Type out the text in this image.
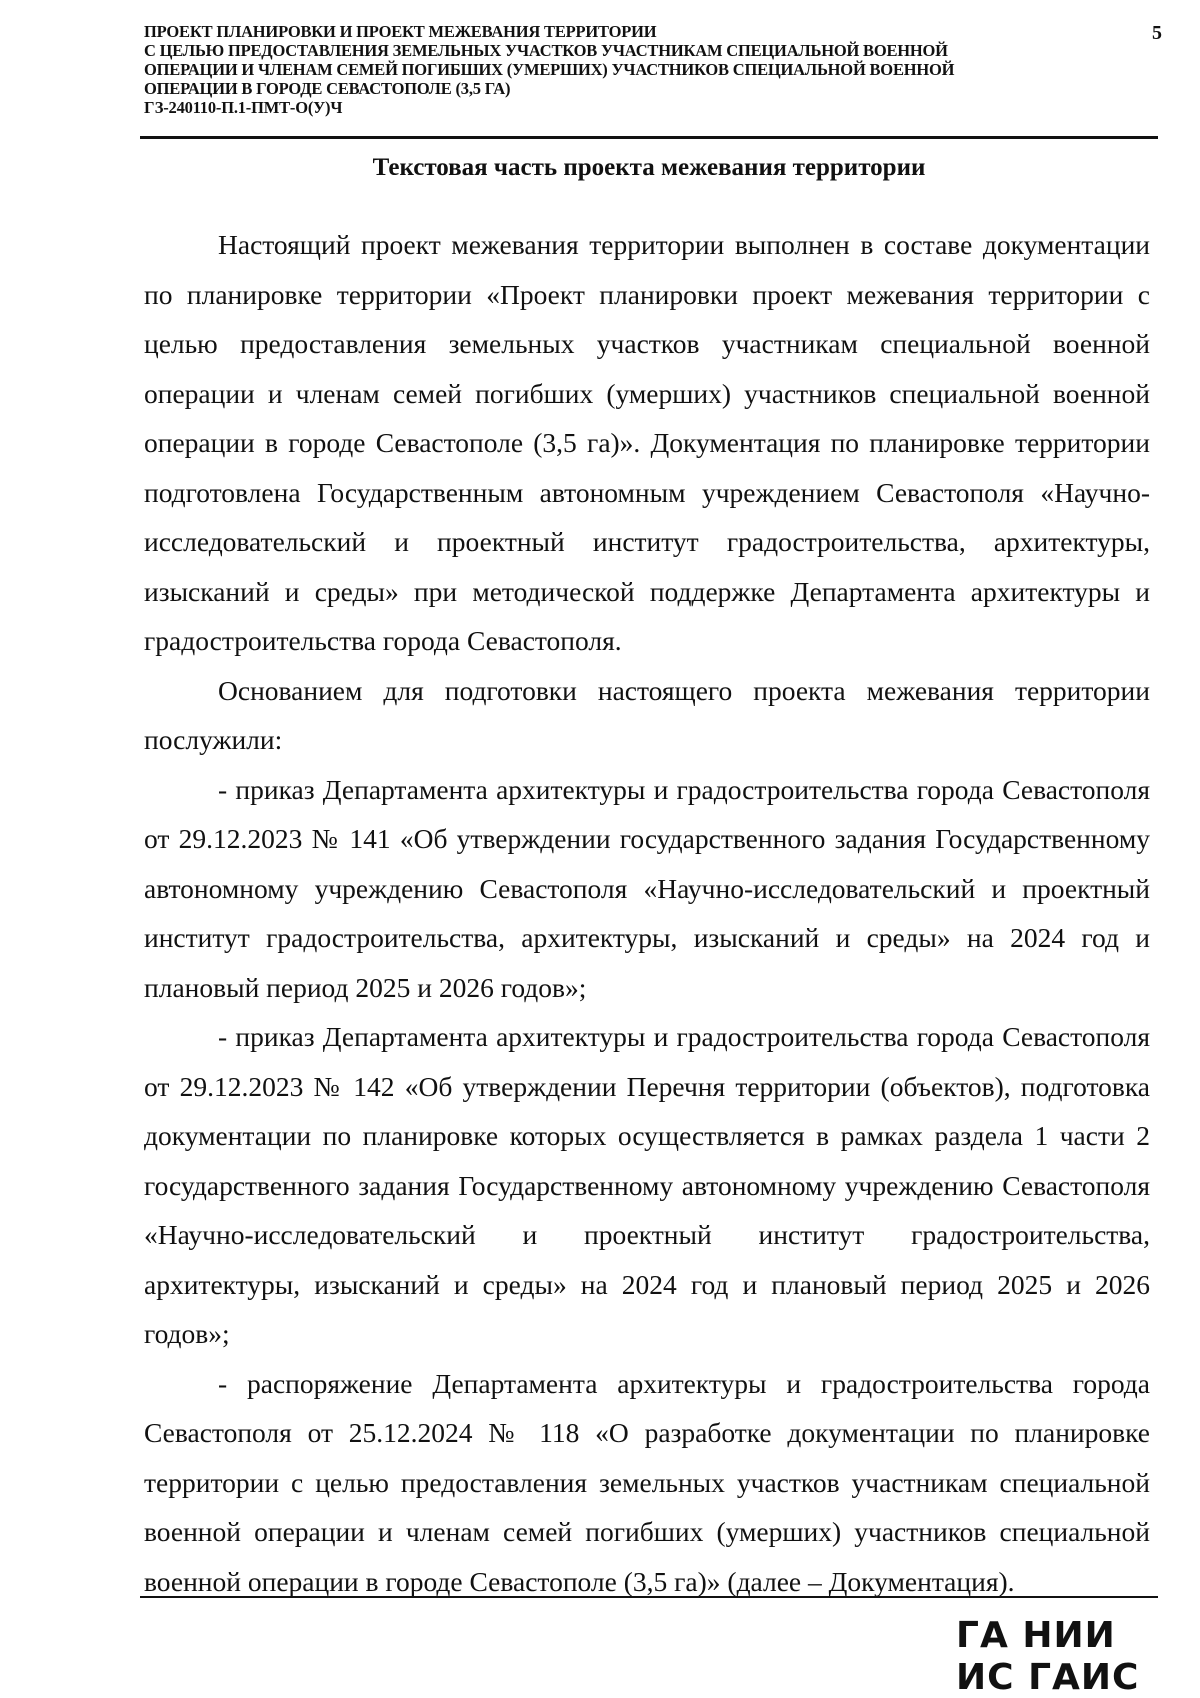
ПРОЕКТ ПЛАНИРОВКИ И ПРОЕКТ МЕЖЕВАНИЯ ТЕРРИТОРИИ
С ЦЕЛЬЮ ПРЕДОСТАВЛЕНИЯ ЗЕМЕЛЬНЫХ УЧАСТКОВ УЧАСТНИКАМ СПЕЦИАЛЬНОЙ ВОЕННОЙ
ОПЕРАЦИИ И ЧЛЕНАМ СЕМЕЙ ПОГИБШИХ (УМЕРШИХ) УЧАСТНИКОВ СПЕЦИАЛЬНОЙ ВОЕННОЙ
ОПЕРАЦИИ В ГОРОДЕ СЕВАСТОПОЛЕ (3,5 ГА)
ГЗ-240110-П.1-ПМТ-О(У)Ч
5
Текстовая часть проекта межевания территории

Настоящий проект межевания территории выполнен в составе документации по планировке территории «Проект планировки проект межевания территории с целью предоставления земельных участков участникам специальной военной операции и членам семей погибших (умерших) участников специальной военной операции в городе Севастополе (3,5 га)». Документация по планировке территории подготовлена Государственным автономным учреждением Севастополя «Научно-исследовательский и проектный институт градостроительства, архитектуры, изысканий и среды» при методической поддержке Департамента архитектуры и градостроительства города Севастополя.

Основанием для подготовки настоящего проекта межевания территории послужили:

- приказ Департамента архитектуры и градостроительства города Севастополя от 29.12.2023 № 141 «Об утверждении государственного задания Государственному автономному учреждению Севастополя «Научно-исследовательский и проектный институт градостроительства, архитектуры, изысканий и среды» на 2024 год и плановый период 2025 и 2026 годов»;

- приказ Департамента архитектуры и градостроительства города Севастополя от 29.12.2023 № 142 «Об утверждении Перечня территории (объектов), подготовка документации по планировке которых осуществляется в рамках раздела 1 части 2 государственного задания Государственному автономному учреждению Севастополя «Научно-исследовательский и проектный институт градостроительства, архитектуры, изысканий и среды» на 2024 год и плановый период 2025 и 2026 годов»;

- распоряжение Департамента архитектуры и градостроительства города Севастополя от 25.12.2024 № 118 «О разработке документации по планировке территории с целью предоставления земельных участков участникам специальной военной операции и членам семей погибших (умерших) участников специальной военной операции в городе Севастополе (3,5 га)» (далее – Документация).

ГА НИИ
ИС ГАИС
